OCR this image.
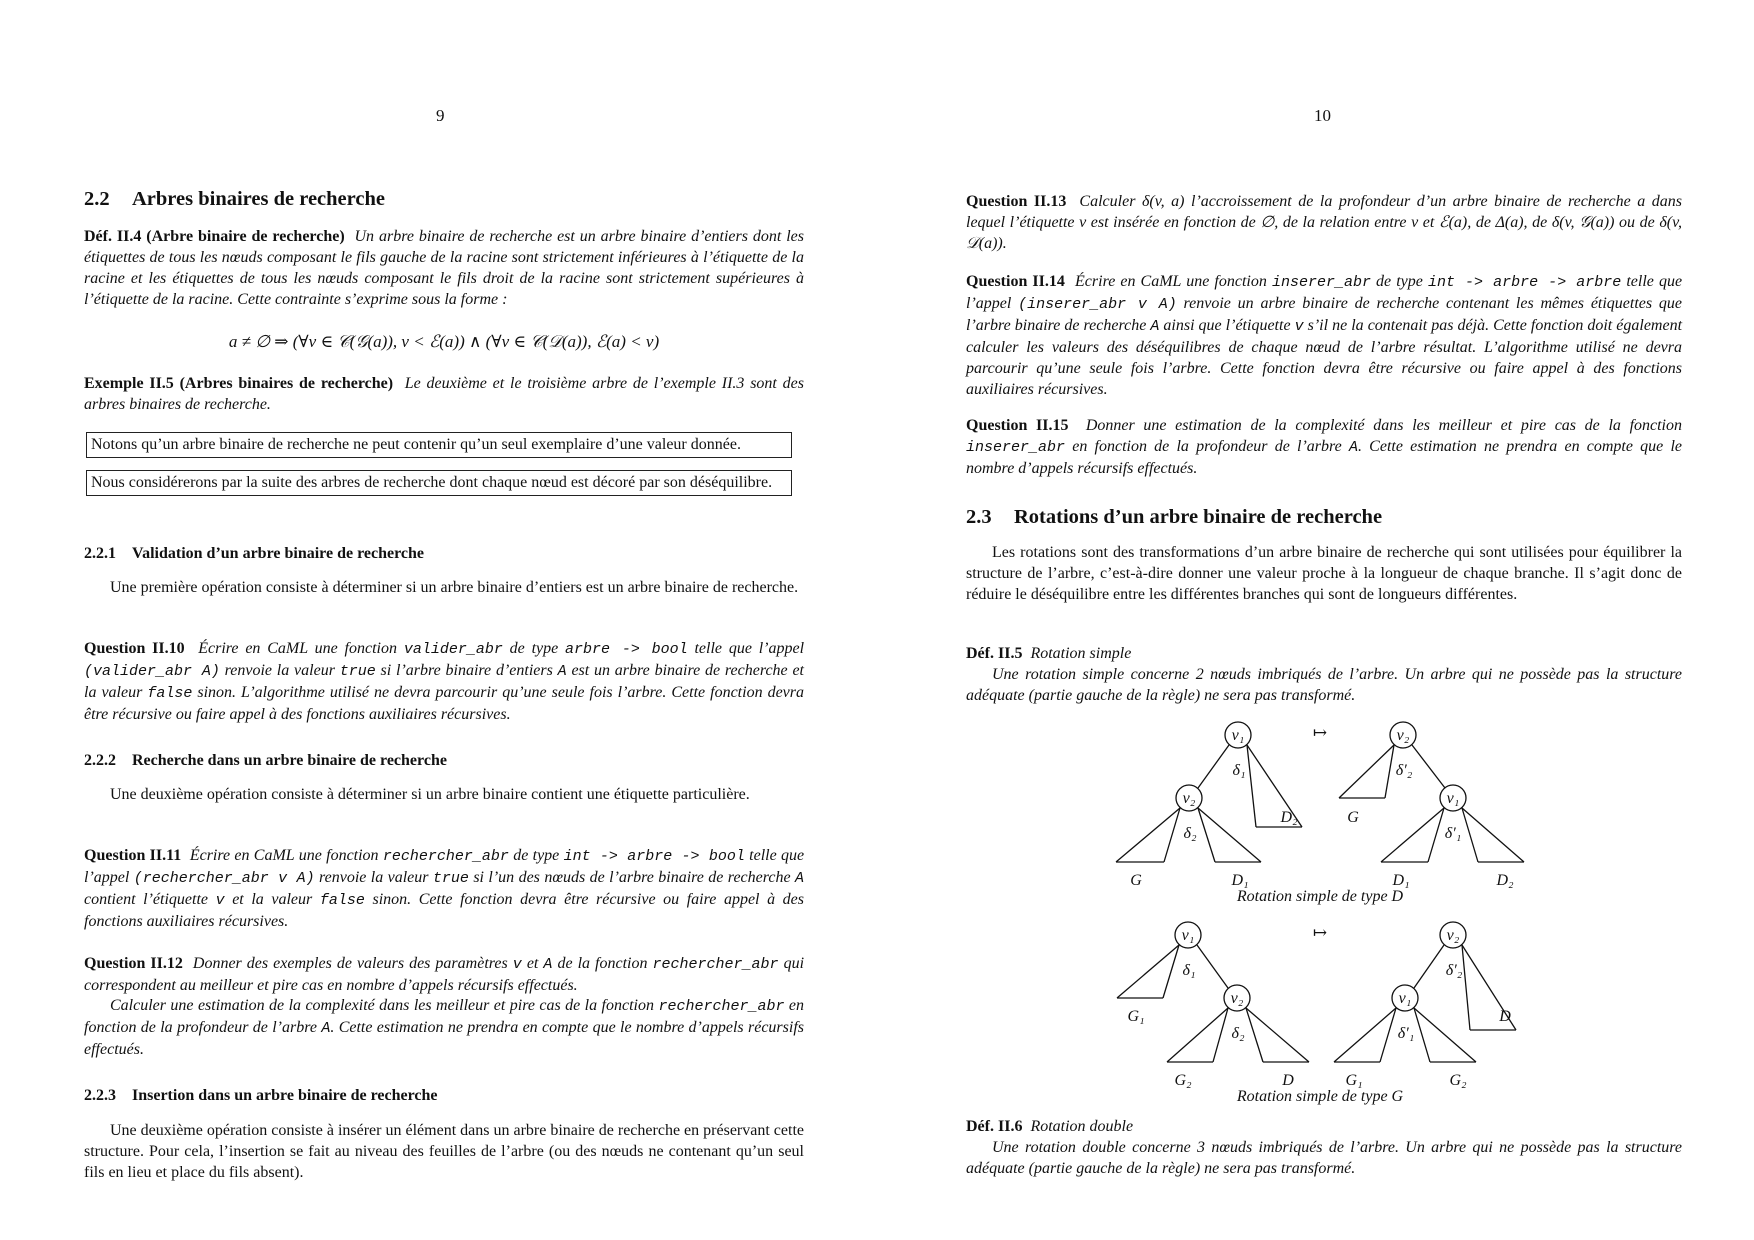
9
2.2 Arbres binaires de recherche

Déf. II.4 (Arbre binaire de recherche) Un arbre binaire de recherche est un arbre binaire d’entiers dont les étiquettes de tous les nœuds composant le fils gauche de la racine sont strictement inférieures à l’étiquette de la racine et les étiquettes de tous les nœuds composant le fils droit de la racine sont strictement supérieures à l’étiquette de la racine. Cette contrainte s’exprime sous la forme :

a ≠ ∅ ⇒ (∀v ∈ 𝒞(𝒢(a)), v < ℰ(a)) ∧ (∀v ∈ 𝒞(𝒟(a)), ℰ(a) < v)

Exemple II.5 (Arbres binaires de recherche) Le deuxième et le troisième arbre de l’exemple II.3 sont des arbres binaires de recherche.

Notons qu’un arbre binaire de recherche ne peut contenir qu’un seul exemplaire d’une valeur donnée.
Nous considérerons par la suite des arbres de recherche dont chaque nœud est décoré par son déséquilibre.
2.2.1 Validation d’un arbre binaire de recherche

Une première opération consiste à déterminer si un arbre binaire d’entiers est un arbre binaire de recherche.

Question II.10 Écrire en CaML une fonction valider_abr de type arbre -> bool telle que l’appel (valider_abr A) renvoie la valeur true si l’arbre binaire d’entiers A est un arbre binaire de recherche et la valeur false sinon. L’algorithme utilisé ne devra parcourir qu’une seule fois l’arbre. Cette fonction devra être récursive ou faire appel à des fonctions auxiliaires récursives.

2.2.2 Recherche dans un arbre binaire de recherche

Une deuxième opération consiste à déterminer si un arbre binaire contient une étiquette particulière.

Question II.11 Écrire en CaML une fonction rechercher_abr de type int -> arbre -> bool telle que l’appel (rechercher_abr v A) renvoie la valeur true si l’un des nœuds de l’arbre binaire de recherche A contient l’étiquette v et la valeur false sinon. Cette fonction devra être récursive ou faire appel à des fonctions auxiliaires récursives.

Question II.12 Donner des exemples de valeurs des paramètres v et A de la fonction rechercher_abr qui correspondent au meilleur et pire cas en nombre d’appels récursifs effectués.

Calculer une estimation de la complexité dans les meilleur et pire cas de la fonction rechercher_abr en fonction de la profondeur de l’arbre A. Cette estimation ne prendra en compte que le nombre d’appels récursifs effectués.

2.2.3 Insertion dans un arbre binaire de recherche

Une deuxième opération consiste à insérer un élément dans un arbre binaire de recherche en préservant cette structure. Pour cela, l’insertion se fait au niveau des feuilles de l’arbre (ou des nœuds ne contenant qu’un seul fils en lieu et place du fils absent).

10

Question II.13 Calculer δ(v, a) l’accroissement de la profondeur d’un arbre binaire de recherche a dans lequel l’étiquette v est insérée en fonction de ∅, de la relation entre v et ℰ(a), de Δ(a), de δ(v, 𝒢(a)) ou de δ(v, 𝒟(a)).

Question II.14 Écrire en CaML une fonction inserer_abr de type int -> arbre -> arbre telle que l’appel (inserer_abr v A) renvoie un arbre binaire de recherche contenant les mêmes étiquettes que l’arbre binaire de recherche A ainsi que l’étiquette v s’il ne la contenait pas déjà. Cette fonction doit également calculer les valeurs des déséquilibres de chaque nœud de l’arbre résultat. L’algorithme utilisé ne devra parcourir qu’une seule fois l’arbre. Cette fonction devra être récursive ou faire appel à des fonctions auxiliaires récursives.

Question II.15 Donner une estimation de la complexité dans les meilleur et pire cas de la fonction inserer_abr en fonction de la profondeur de l’arbre A. Cette estimation ne prendra en compte que le nombre d’appels récursifs effectués.

2.3 Rotations d’un arbre binaire de recherche

Les rotations sont des transformations d’un arbre binaire de recherche qui sont utilisées pour équilibrer la structure de l’arbre, c’est-à-dire donner une valeur proche à la longueur de chaque branche. Il s’agit donc de réduire le déséquilibre entre les différentes branches qui sont de longueurs différentes.

Déf. II.5 Rotation simple

Une rotation simple concerne 2 nœuds imbriqués de l’arbre. Un arbre qui ne possède pas la structure adéquate (partie gauche de la règle) ne sera pas transformé.

Déf. II.6 Rotation double

Une rotation double concerne 3 nœuds imbriqués de l’arbre. Un arbre qui ne possède pas la structure adéquate (partie gauche de la règle) ne sera pas transformé.

v₁
v₂
δ₁
δ₂
D₂
G	D₁
↦	v₂
v₁
δ′₂
δ′₁
G
D₁	D₂
Rotation simple de type D
v₁
v₂
δ₁
δ₂
G₁
G₂	D
↦	v₂
v₁
δ′₂
δ′₁
D
G₁	G₂
Rotation simple de type G
